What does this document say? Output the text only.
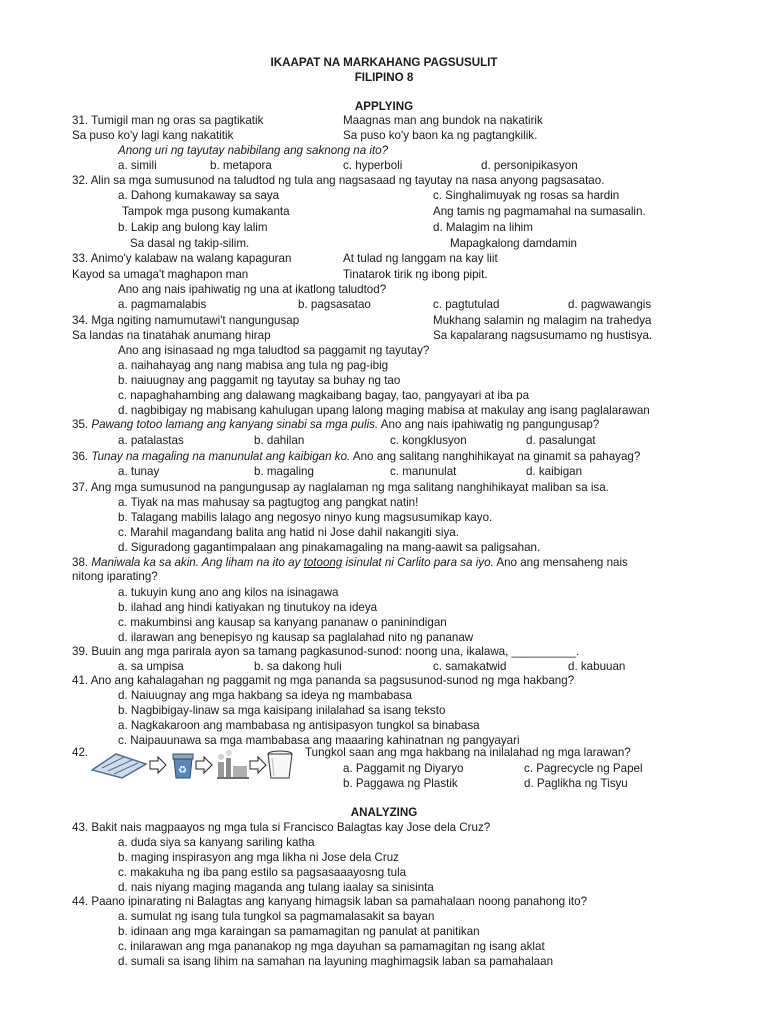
IKAAPAT NA MARKAHANG PAGSUSULIT
FILIPINO 8
APPLYING
31. Tumigil man ng oras sa pagtikatik	Maagnas man ang bundok na nakatirik
Sa puso ko'y lagi kang nakatitik	Sa puso ko'y baon ka ng pagtangkilik.
Anong uri ng tayutay nabibilang ang saknong na ito?
a. simili	b. metapora	c. hyperboli	d. personipikasyon
32. Alin sa mga sumusunod na taludtod ng tula ang nagsasaad ng tayutay na nasa anyong pagsasatao.
a. Dahong kumakaway sa saya	c. Singhalimuyak ng rosas sa hardin
Tampok mga pusong kumakanta	Ang tamis ng pagmamahal na sumasalin.
b. Lakip ang bulong kay lalim	d. Malagim na lihim
Sa dasal ng takip-silim.	Mapagkalong damdamin
33. Animo'y kalabaw na walang kapaguran	At tulad ng langgam na kay liit
Kayod sa umaga't maghapon man	Tinatarok tirik ng ibong pipit.
Ano ang nais ipahiwatig ng una at ikatlong taludtod?
a. pagmamalabis	b. pagsasatao	c. pagtutulad	d. pagwawangis
34. Mga ngiting namumutawi't nangungusap	Mukhang salamin ng malagim na trahedya
Sa landas na tinatahak anumang hirap	Sa kapalarang nagsusumamo ng hustisya.
Ano ang isinasaad ng mga taludtod sa paggamit ng tayutay?
a. naihahayag ang nang mabisa ang tula ng pag-ibig
b. naiuugnay ang paggamit ng tayutay sa buhay ng tao
c. napaghahambing ang dalawang magkaibang bagay, tao, pangyayari at iba pa
d. nagbibigay ng mabisang kahulugan upang lalong maging mabisa at makulay ang isang paglalarawan
35. Pawang totoo lamang ang kanyang sinabi sa mga pulis. Ano ang nais ipahiwatig ng pangungusap?
a. patalastas	b. dahilan	c. kongklusyon	d. pasalungat
36. Tunay na magaling na manunulat ang kaibigan ko. Ano ang salitang nanghihikayat na ginamit sa pahayag?
a. tunay	b. magaling	c. manunulat	d. kaibigan
37. Ang mga sumusunod na pangungusap ay naglalaman ng mga salitang nanghihikayat maliban sa isa.
a. Tiyak na mas mahusay sa pagtugtog ang pangkat natin!
b. Talagang mabilis lalago ang negosyo ninyo kung magsusumikap kayo.
c. Marahil magandang balita ang hatid ni Jose dahil nakangiti siya.
d. Siguradong gagantimpalaan ang pinakamagaling na mang-aawit sa paligsahan.
38. Maniwala ka sa akin. Ang liham na ito ay totoong isinulat ni Carlito para sa iyo. Ano ang mensaheng nais
nitong iparating?
a. tukuyin kung ano ang kilos na isinagawa
b. ilahad ang hindi katiyakan ng tinutukoy na ideya
c. makumbinsi ang kausap sa kanyang pananaw o paninindigan
d. ilarawan ang benepisyo ng kausap sa paglalahad nito ng pananaw
39. Buuin ang mga parirala ayon sa tamang pagkasunod-sunod: noong una, ikalawa, __________.
a. sa umpisa	b. sa dakong huli	c. samakatwid	d. kabuuan
41. Ano ang kahalagahan ng paggamit ng mga pananda sa pagsusunod-sunod ng mga hakbang?
d. Naiuugnay ang mga hakbang sa ideya ng mambabasa
b. Nagbibigay-linaw sa mga kaisipang inilalahad sa isang teksto
a. Nagkakaroon ang mambabasa ng antisipasyon tungkol sa binabasa
c. Naipauunawa sa mga mambabasa ang maaaring kahinatnan ng pangyayari
42.
♻
Tungkol saan ang mga hakbang na inilalahad ng mga larawan?
a. Paggamit ng Diyaryo	c. Pagrecycle ng Papel
b. Paggawa ng Plastik	d. Paglikha ng Tisyu
ANALYZING
43. Bakit nais magpaayos ng mga tula si Francisco Balagtas kay Jose dela Cruz?
a. duda siya sa kanyang sariling katha
b. maging inspirasyon ang mga likha ni Jose dela Cruz
c. makakuha ng iba pang estilo sa pagsasaaayosng tula
d. nais niyang maging maganda ang tulang iaalay sa sinisinta
44. Paano ipinarating ni Balagtas ang kanyang himagsik laban sa pamahalaan noong panahong ito?
a. sumulat ng isang tula tungkol sa pagmamalasakit sa bayan
b. idinaan ang mga karaingan sa pamamagitan ng panulat at panitikan
c. inilarawan ang mga pananakop ng mga dayuhan sa pamamagitan ng isang aklat
d. sumali sa isang lihim na samahan na layuning maghimagsik laban sa pamahalaan
